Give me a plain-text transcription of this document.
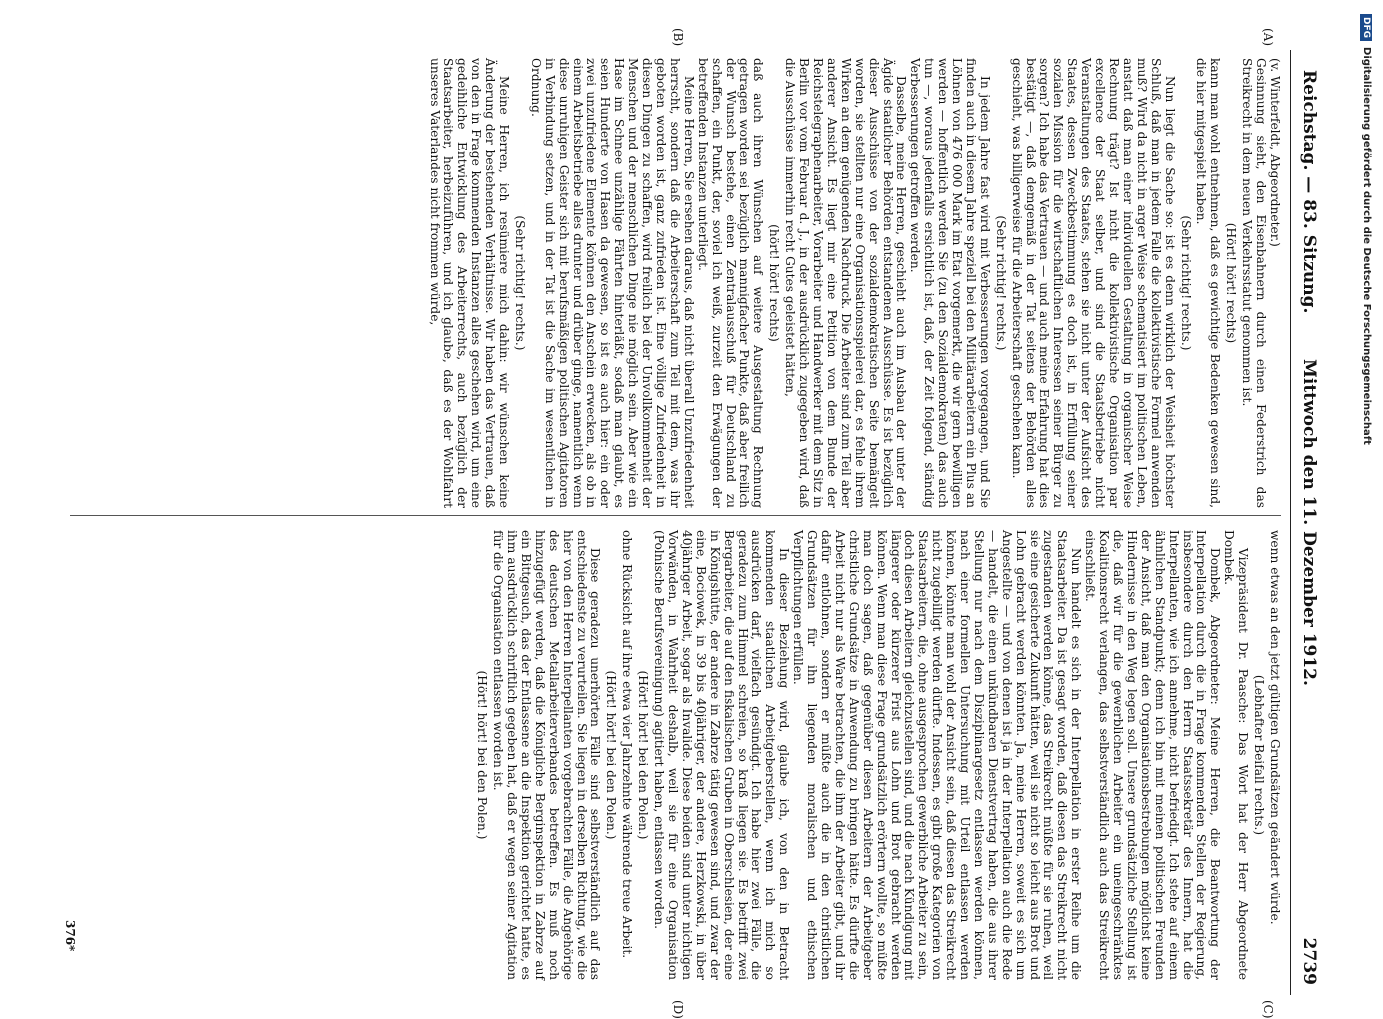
Reichstag. — 83. Sitzung.
Mittwoch den 11. Dezember 1912.
2739

(v. Winterfeldt, Abgeordneter.)

Gesinnung sieht, den Eisenbahnern durch einen Federstrich das Streikrecht in dem neuen Verkehrsstatut genommen ist.

(Hört! hört! rechts)

kann man wohl entnehmen, daß es gewichtige Bedenken gewesen sind, die hier mitgespielt haben.

(Sehr richtig! rechts.)

Nun liegt die Sache so: ist es denn wirklich der Weisheit höchster Schluß, daß man in jedem Falle die kollektivistische Formel anwenden muß? Wird da nicht in arger Weise schematisiert im politischen Leben, anstatt daß man einer individuellen Gestaltung in organischer Weise Rechnung trägt? Ist nicht die kollektivistische Organisation par excellence der Staat selber, und sind die Staatsbetriebe nicht Veranstaltungen des Staates, stehen sie nicht unter der Aufsicht des Staates, dessen Zweckbestimmung es doch ist, in Erfüllung seiner sozialen Mission für die wirtschaftlichen Interessen seiner Bürger zu sorgen? Ich habe das Vertrauen — und auch meine Erfahrung hat dies bestätigt —, daß demgemäß in der Tat seitens der Behörden alles geschieht, was billigerweise für die Arbeiterschaft geschehen kann.

(Sehr richtig! rechts.)

In jedem Jahre fast wird mit Verbesserungen vorgegangen, und Sie finden auch in diesem Jahre speziell bei den Militärarbeitern ein Plus an Löhnen von 476 000 Mark im Etat vorgemerkt, die wir gern bewilligen werden — hoffentlich werden Sie (zu den Sozialdemokraten) das auch tun —, woraus jedenfalls ersichtlich ist, daß, der Zeit folgend, ständig Verbesserungen getroffen werden.

Dasselbe, meine Herren, geschieht auch im Ausbau der unter der Ägide staatlicher Behörden entstandenen Ausschüsse. Es ist bezüglich dieser Ausschüsse von der sozialdemokratischen Seite bemängelt worden, sie stellten nur eine Organisationsspielerei dar, es fehle ihrem Wirken an dem genügenden Nachdruck. Die Arbeiter sind zum Teil aber anderer Ansicht. Es liegt mir eine Petition von dem Bunde der Reichstelegraphenarbeiter, Vorarbeiter und Handwerker mit dem Sitz in Berlin vor vom Februar d. J., in der ausdrücklich zugegeben wird, daß die Ausschüsse immerhin recht Gutes geleistet hätten,

(hört! hört! rechts)

daß auch ihren Wünschen auf weitere Ausgestaltung Rechnung getragen worden sei bezüglich mannigfacher Punkte, daß aber freilich der Wunsch bestehe, einen Zentralausschuß für Deutschland zu schaffen, ein Punkt, der, soviel ich weiß, zurzeit den Erwägungen der betreffenden Instanzen unterliegt.

Meine Herren, Sie ersehen daraus, daß nicht überall Unzufriedenheit herrscht, sondern daß die Arbeiterschaft zum Teil mit dem, was ihr geboten worden ist, ganz zufrieden ist. Eine völlige Zufriedenheit in diesen Dingen zu schaffen, wird freilich bei der Unvollkommenheit der Menschen und der menschlichen Dinge nie möglich sein. Aber wie ein Hase im Schnee unzählige Fährten hinterläßt, sodaß man glaubt, es seien Hunderte von Hasen da gewesen, so ist es auch hier: ein oder zwei unzufriedene Elemente können den Anschein erwecken, als ob in einem Arbeitsbetriebe alles drunter und drüber ginge, namentlich wenn diese unruhigen Geister sich mit berufsmäßigen politischen Agitatoren in Verbindung setzen, und in der Tat ist die Sache im wesentlichen in Ordnung.

(Sehr richtig! rechts.)

Meine Herren, ich resümiere mich dahin: wir wünschen keine Änderung der bestehenden Verhältnisse. Wir haben das Vertrauen, daß von den in Frage kommenden Instanzen alles geschehen wird, um eine gedeihliche Entwicklung des Arbeiterrechts, auch bezüglich der Staatsarbeiter, herbeizuführen, und ich glaube, daß es der Wohlfahrt unseres Vaterlandes nicht frommen würde,

wenn etwas an den jetzt gültigen Grundsätzen geändert würde.

(Lebhafter Beifall rechts.)

Vizepräsident Dr. Paasche: Das Wort hat der Herr Abgeordnete Dombek.

Dombek, Abgeordneter: Meine Herren, die Beantwortung der Interpellation durch die in Frage kommenden Stellen der Regierung, insbesondere durch den Herrn Staatssekretär des Innern, hat die Interpellanten, wie ich annehme, nicht befriedigt. Ich stehe auf einem ähnlichen Standpunkt; denn ich bin mit meinen politischen Freunden der Ansicht, daß man den Organisationsbestrebungen möglichst keine Hindernisse in den Weg legen soll. Unsere grundsätzliche Stellung ist die, daß wir für die gewerblichen Arbeiter ein uneingeschränktes Koalitionsrecht verlangen, das selbstverständlich auch das Streikrecht einschließt.

Nun handelt es sich in der Interpellation in erster Reihe um die Staatsarbeiter. Da ist gesagt worden, daß diesen das Streikrecht nicht zugestanden werden könne, das Streikrecht müßte für sie ruhen, weil sie eine gesicherte Zukunft hätten, weil sie nicht so leicht aus Brot und Lohn gebracht werden könnten. Ja, meine Herren, soweit es sich um Angestellte — und von denen ist ja in der Interpellation auch die Rede — handelt, die einen unkündbaren Dienstvertrag haben, die aus ihrer Stellung nur nach dem Disziplinargesetz entlassen werden können, nach einer formellen Untersuchung mit Urteil entlassen werden können, könnte man wohl der Ansicht sein, daß diesen das Streikrecht nicht zugebilligt werden dürfte. Indessen, es gibt große Kategorien von Staatsarbeitern, die, ohne ausgesprochen gewerbliche Arbeiter zu sein, doch diesen Arbeitern gleichzustellen sind, und die nach Kündigung mit längerer oder kürzerer Frist aus Lohn und Brot gebracht werden können. Wenn man diese Frage grundsätzlich erörtern wollte, so müßte man doch sagen, daß gegenüber diesen Arbeitern der Arbeitgeber christliche Grundsätze in Anwendung zu bringen hätte. Es dürfte die Arbeit nicht nur als Ware betrachten, die ihm der Arbeiter gibt, und ihr dafür entlohnen, sondern er müßte auch die in den christlichen Grundsätzen für ihn liegenden moralischen und ethischen Verpflichtungen erfüllen.

In dieser Beziehung wird, glaube ich, von den in Betracht kommenden staatlichen Arbeitgeberstellen, wenn ich mich so ausdrücken darf, vielfach gesündigt. Ich habe hier zwei Fälle, die geradezu zum Himmel schreien, so kraß liegen sie. Es betrifft zwei Bergarbeiter, die auf den fiskalischen Gruben in Oberschlesien, der eine in Königshütte, der andere in Zabrze tätig gewesen sind, und zwar der eine, Bociowek, in 39 bis 40jähriger, der andere, Herzkowski, in über 40jähriger Arbeit, sogar als Invalide. Diese beiden sind unter nichtigen Vorwänden, in Wahrheit deshalb, weil sie für eine Organisation (Polnische Berufsvereinigung) agitiert haben, entlassen worden.

(Hört! hört! bei den Polen.)

ohne Rücksicht auf ihre etwa vier Jahrzehnte währende treue Arbeit.

(Hört! hört! bei den Polen.)

Diese geradezu unerhörten Fälle sind selbstverständlich auf das entschiedenste zu verurteilen. Sie liegen in derselben Richtung, wie die hier von den Herren Interpellanten vorgebrachten Fälle, die Angehörige des deutschen Metallarbeiterverbandes betreffen. Es muß noch hinzugefügt werden, daß die Königliche Berginspektion in Zabrze auf ein Bittgesuch, das der Entlassene an die Inspektion gerichtet hatte, es ihm ausdrücklich schriftlich gegeben hat, daß er wegen seiner Agitation für die Organisation entlassen worden ist.

(Hört! hört! bei den Polen.)

(A)
(B)
(C)
(D)
376*
DFGDigitalisierung gefördert durch die Deutsche Forschungsgemeinschaft
